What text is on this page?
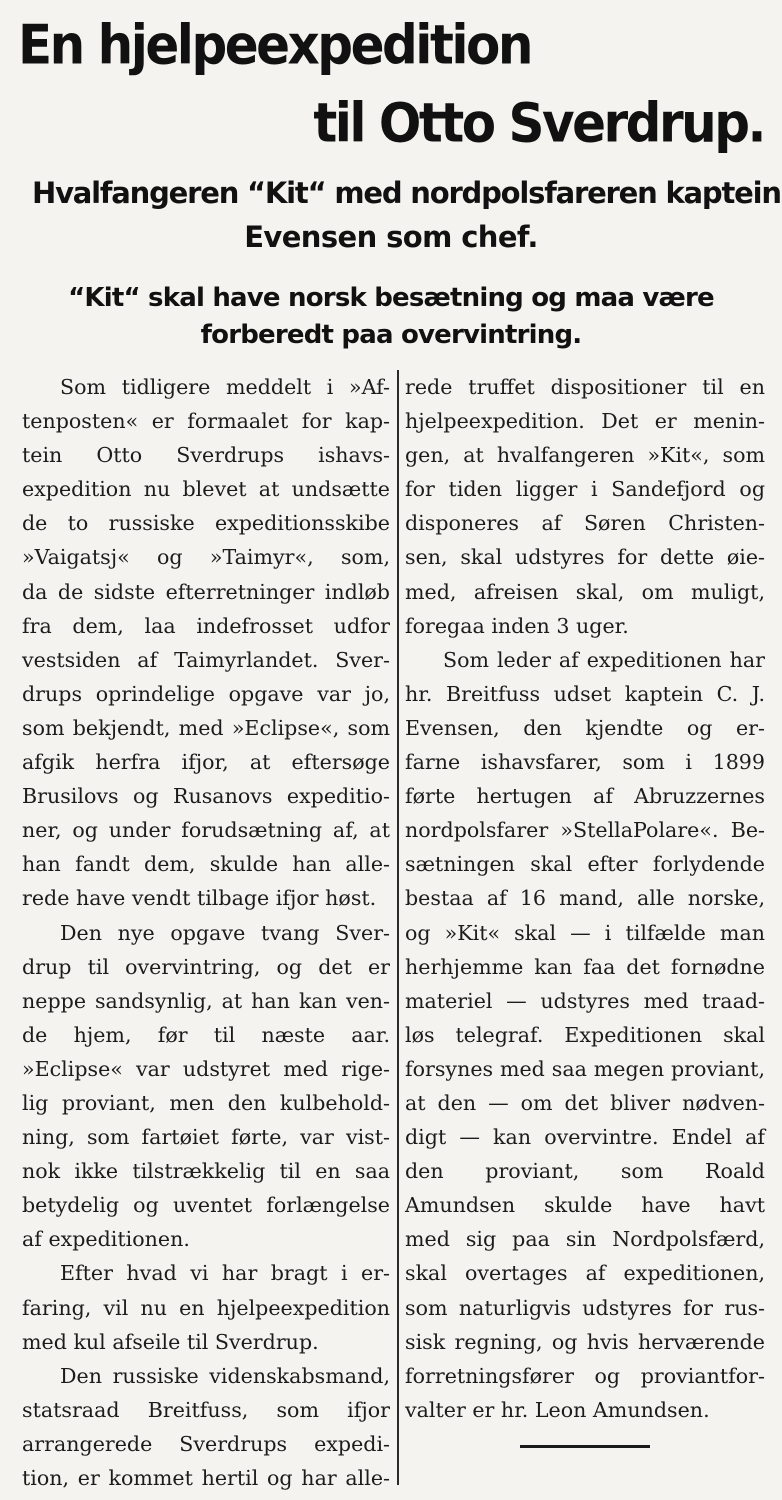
En hjelpeexpedition
til Otto Sverdrup.
Hvalfangeren “Kit“ med nordpolsfareren kaptein
Evensen som chef.
“Kit“ skal have norsk besætning og maa være
forberedt paa overvintring.
Som tidligere meddelt i »Af-
tenposten« er formaalet for kap-
tein Otto Sverdrups ishavs-
expedition nu blevet at undsætte
de to russiske expeditionsskibe
»Vaigatsj« og »Taimyr«, som,
da de sidste efterretninger indløb
fra dem, laa indefrosset udfor
vestsiden af Taimyrlandet. Sver-
drups oprindelige opgave var jo,
som bekjendt, med »Eclipse«, som
afgik herfra ifjor, at eftersøge
Brusilovs og Rusanovs expeditio-
ner, og under forudsætning af, at
han fandt dem, skulde han alle-
rede have vendt tilbage ifjor høst.
Den nye opgave tvang Sver-
drup til overvintring, og det er
neppe sandsynlig, at han kan ven-
de hjem, før til næste aar.
»Eclipse« var udstyret med rige-
lig proviant, men den kulbehold-
ning, som fartøiet førte, var vist-
nok ikke tilstrækkelig til en saa
betydelig og uventet forlængelse
af expeditionen.
Efter hvad vi har bragt i er-
faring, vil nu en hjelpeexpedition
med kul afseile til Sverdrup.
Den russiske videnskabsmand,
statsraad Breitfuss, som ifjor
arrangerede Sverdrups expedi-
tion, er kommet hertil og har alle-
rede truffet dispositioner til en
hjelpeexpedition. Det er menin-
gen, at hvalfangeren »Kit«, som
for tiden ligger i Sandefjord og
disponeres af Søren Christen-
sen, skal udstyres for dette øie-
med, afreisen skal, om muligt,
foregaa inden 3 uger.
Som leder af expeditionen har
hr. Breitfuss udset kaptein C. J.
Evensen, den kjendte og er-
farne ishavsfarer, som i 1899
førte hertugen af Abruzzernes
nordpolsfarer »StellaPolare«. Be-
sætningen skal efter forlydende
bestaa af 16 mand, alle norske,
og »Kit« skal — i tilfælde man
herhjemme kan faa det fornødne
materiel — udstyres med traad-
løs telegraf. Expeditionen skal
forsynes med saa megen proviant,
at den — om det bliver nødven-
digt — kan overvintre. Endel af
den proviant, som Roald
Amundsen skulde have havt
med sig paa sin Nordpolsfærd,
skal overtages af expeditionen,
som naturligvis udstyres for rus-
sisk regning, og hvis herværende
forretningsfører og proviantfor-
valter er hr. Leon Amundsen.
